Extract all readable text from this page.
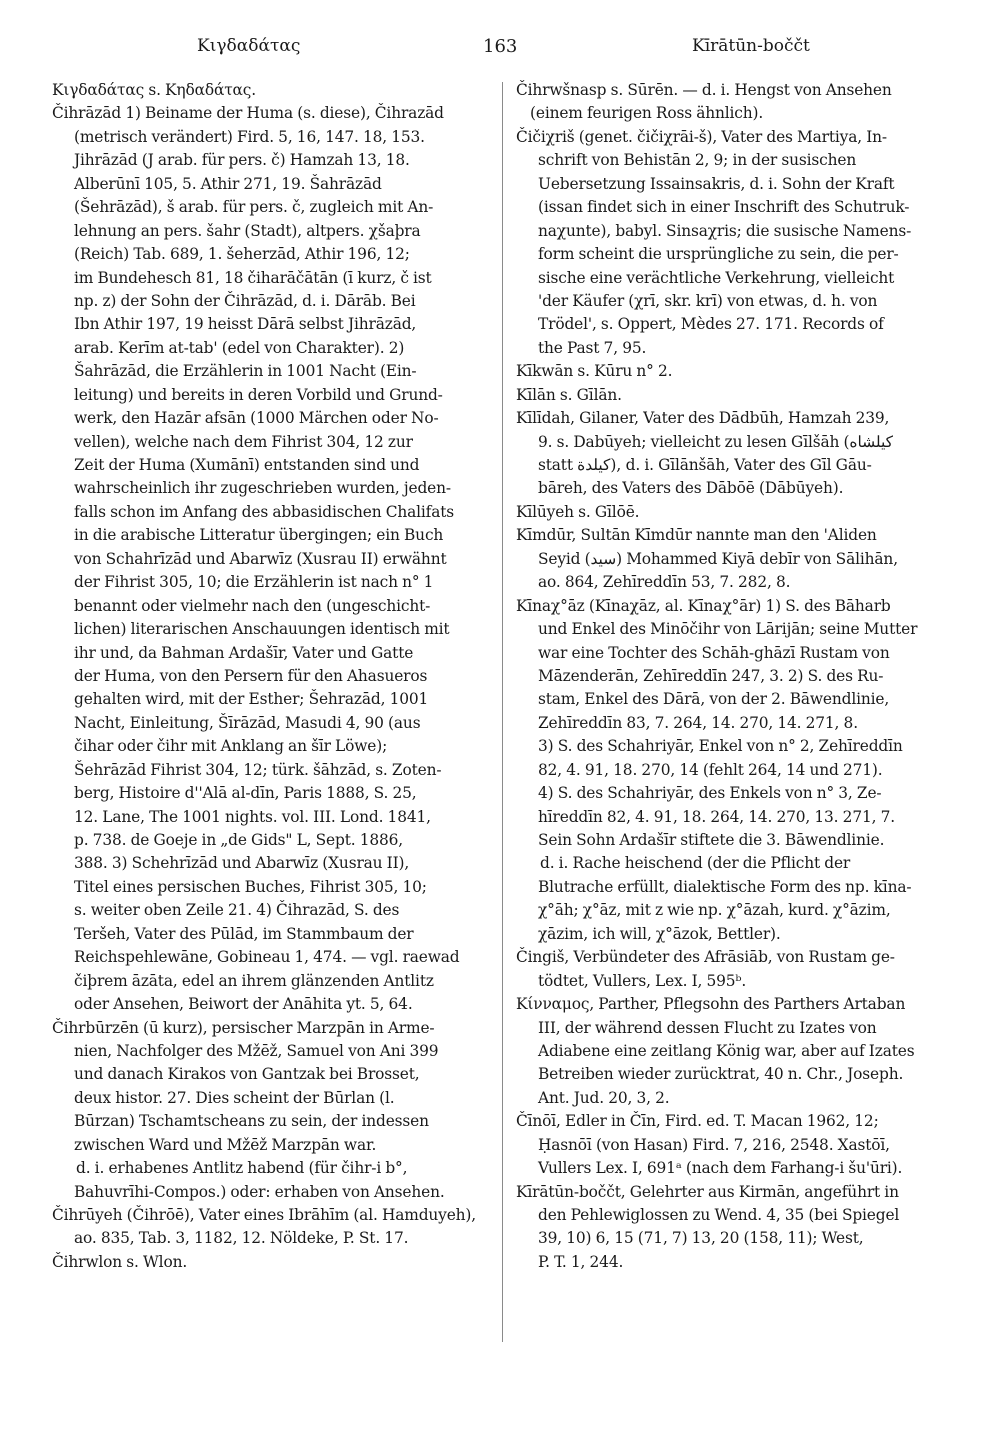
Κιγδαδάτας	163	Kīrātūn-boččt
Κιγδαδάτας s. Κηδαδάτας.
Čihrāzād 1) Beiname der Huma (s. diese), Čihrazād
(metrisch verändert) Fird. 5, 16, 147. 18, 153.
Jihrāzād (J arab. für pers. č) Hamzah 13, 18.
Alberūnī 105, 5. Athir 271, 19. Šahrāzād
(Šehrāzād), š arab. für pers. č, zugleich mit An-
lehnung an pers. šahr (Stadt), altpers. χšaþra
(Reich) Tab. 689, 1. šeherzād, Athir 196, 12;
im Bundehesch 81, 18 čiharāčātān (ī kurz, č ist
np. z) der Sohn der Čihrāzād, d. i. Dārāb. Bei
Ibn Athir 197, 19 heisst Dārā selbst Jihrāzād,
arab. Kerīm at-tab' (edel von Charakter). 2)
Šahrāzād, die Erzählerin in 1001 Nacht (Ein-
leitung) und bereits in deren Vorbild und Grund-
werk, den Hazār afsān (1000 Märchen oder No-
vellen), welche nach dem Fihrist 304, 12 zur
Zeit der Huma (Xumānī) entstanden sind und
wahrscheinlich ihr zugeschrieben wurden, jeden-
falls schon im Anfang des abbasidischen Chalifats
in die arabische Litteratur übergingen; ein Buch
von Schahrīzād und Abarwīz (Xusrau II) erwähnt
der Fihrist 305, 10; die Erzählerin ist nach n° 1
benannt oder vielmehr nach den (ungeschicht-
lichen) literarischen Anschauungen identisch mit
ihr und, da Bahman Ardašīr, Vater und Gatte
der Huma, von den Persern für den Ahasueros
gehalten wird, mit der Esther; Šehrazād, 1001
Nacht, Einleitung, Šīrāzād, Masudi 4, 90 (aus
čihar oder čihr mit Anklang an šīr Löwe);
Šehrāzād Fihrist 304, 12; türk. šāhzād, s. Zoten-
berg, Histoire d''Alā al-dīn, Paris 1888, S. 25,
12. Lane, The 1001 nights. vol. III. Lond. 1841,
p. 738. de Goeje in „de Gids" L, Sept. 1886,
388. 3) Schehrīzād und Abarwīz (Xusrau II),
Titel eines persischen Buches, Fihrist 305, 10;
s. weiter oben Zeile 21. 4) Čihrazād, S. des
Teršeh, Vater des Pūlād, im Stammbaum der
Reichspehlewāne, Gobineau 1, 474. — vgl. raewad
čiþrem āzāta, edel an ihrem glänzenden Antlitz
oder Ansehen, Beiwort der Anāhita yt. 5, 64.
Čihrbūrzēn (ū kurz), persischer Marzpān in Arme-
nien, Nachfolger des Mžēž, Samuel von Ani 399
und danach Kirakos von Gantzak bei Brosset,
deux histor. 27. Dies scheint der Būrlan (l.
Būrzan) Tschamtscheans zu sein, der indessen
zwischen Ward und Mžēž Marzpān war.
d. i. erhabenes Antlitz habend (für čihr-i b°,
Bahuvrīhi-Compos.) oder: erhaben von Ansehen.
Čihrūyeh (Čihrōē), Vater eines Ibrāhīm (al. Hamduyeh),
ao. 835, Tab. 3, 1182, 12. Nöldeke, P. St. 17.
Čihrwlon s. Wlon.
Čihrwšnasp s. Sūrēn. — d. i. Hengst von Ansehen
(einem feurigen Ross ähnlich).
Čičiχriš (genet. čičiχrāi-š), Vater des Martiya, In-
schrift von Behistān 2, 9; in der susischen
Uebersetzung Issainsakris, d. i. Sohn der Kraft
(issan findet sich in einer Inschrift des Schutruk-
naχunte), babyl. Sinsaχris; die susische Namens-
form scheint die ursprüngliche zu sein, die per-
sische eine verächtliche Verkehrung, vielleicht
'der Käufer (χrī, skr. krī) von etwas, d. h. von
Trödel', s. Oppert, Mèdes 27. 171. Records of
the Past 7, 95.
Kīkwān s. Kūru n° 2.
Kīlān s. Gīlān.
Kīlīdah, Gilaner, Vater des Dādbūh, Hamzah 239,
9. s. Dabūyeh; vielleicht zu lesen Gīlšāh (كيلشاه
statt كيلدة), d. i. Gīlānšāh, Vater des Gīl Gāu-
bāreh, des Vaters des Dābōē (Dābūyeh).
Kīlūyeh s. Gīlōē.
Kīmdūr, Sultān Kīmdūr nannte man den 'Aliden
Seyid (سيد) Mohammed Kiyā debīr von Sālihān,
ao. 864, Zehīreddīn 53, 7. 282, 8.
Kīnaχ°āz (Kīnaχāz, al. Kīnaχ°ār) 1) S. des Bāharb
und Enkel des Minōčihr von Lārijān; seine Mutter
war eine Tochter des Schāh-ghāzī Rustam von
Māzenderān, Zehīreddīn 247, 3. 2) S. des Ru-
stam, Enkel des Dārā, von der 2. Bāwendlinie,
Zehīreddīn 83, 7. 264, 14. 270, 14. 271, 8.
3) S. des Schahriyār, Enkel von n° 2, Zehīreddīn
82, 4. 91, 18. 270, 14 (fehlt 264, 14 und 271).
4) S. des Schahriyār, des Enkels von n° 3, Ze-
hīreddīn 82, 4. 91, 18. 264, 14. 270, 13. 271, 7.
Sein Sohn Ardašīr stiftete die 3. Bāwendlinie.
d. i. Rache heischend (der die Pflicht der
Blutrache erfüllt, dialektische Form des np. kīna-
χ°āh; χ°āz, mit z wie np. χ°āzah, kurd. χ°āzim,
χāzim, ich will, χ°āzok, Bettler).
Čingiš, Verbündeter des Afrāsiāb, von Rustam ge-
tödtet, Vullers, Lex. I, 595ᵇ.
Κίνναμος, Parther, Pflegsohn des Parthers Artaban
III, der während dessen Flucht zu Izates von
Adiabene eine zeitlang König war, aber auf Izates
Betreiben wieder zurücktrat, 40 n. Chr., Joseph.
Ant. Jud. 20, 3, 2.
Čīnōī, Edler in Čīn, Fird. ed. T. Macan 1962, 12;
Ḥasnōī (von Hasan) Fird. 7, 216, 2548. Xastōī,
Vullers Lex. I, 691ᵃ (nach dem Farhang-i šu'ūri).
Kīrātūn-boččt, Gelehrter aus Kirmān, angeführt in
den Pehlewiglossen zu Wend. 4, 35 (bei Spiegel
39, 10) 6, 15 (71, 7) 13, 20 (158, 11); West,
P. T. 1, 244.
